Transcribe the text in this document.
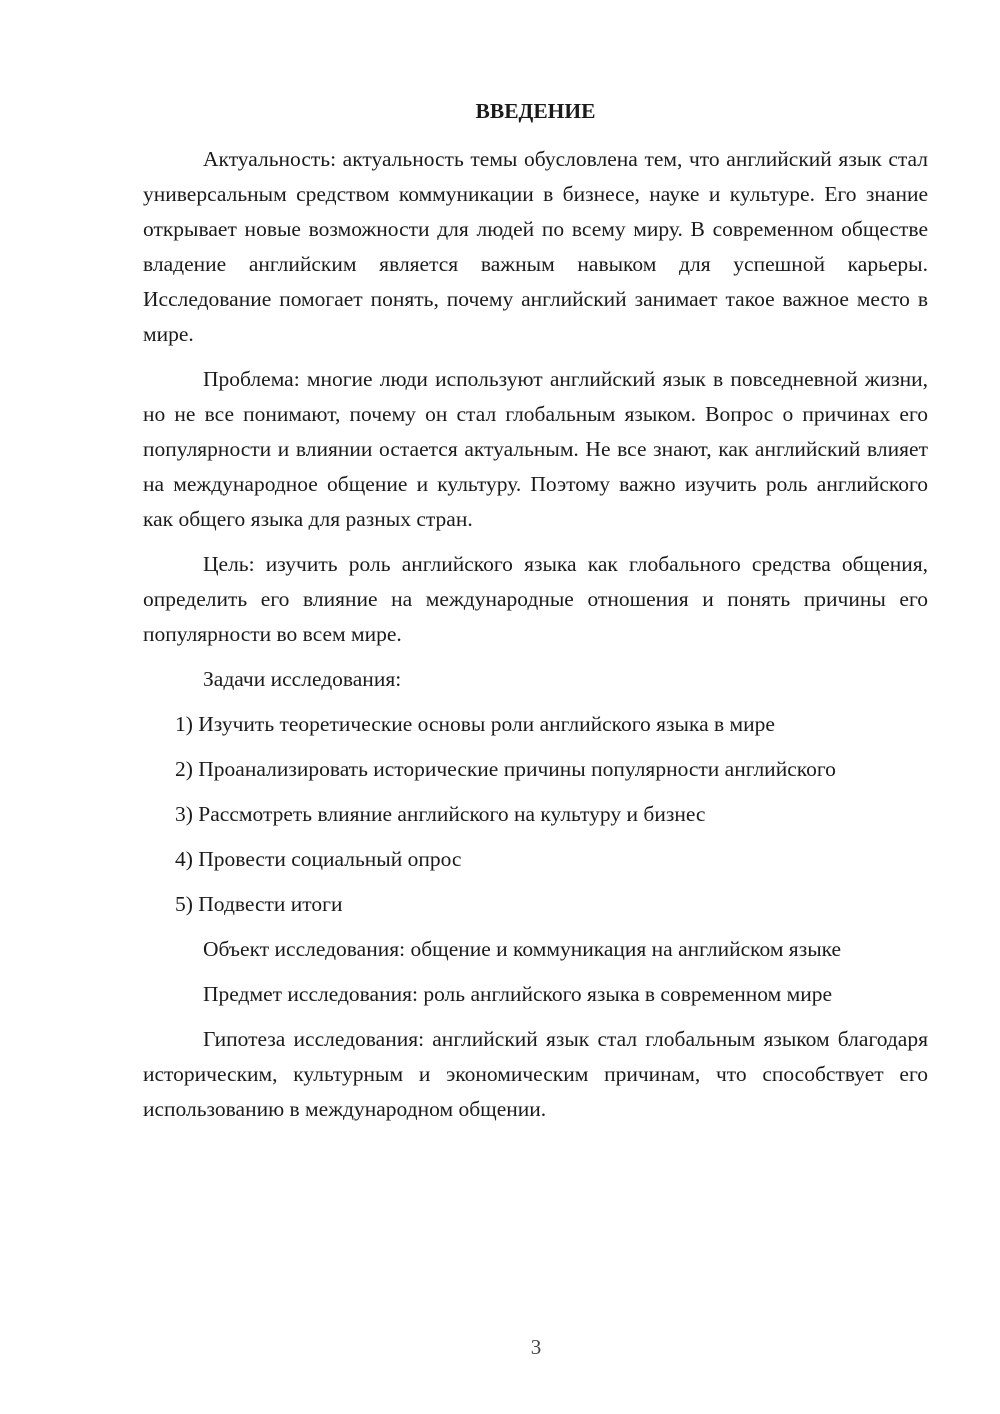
ВВЕДЕНИЕ

Актуальность: актуальность темы обусловлена тем, что английский язык стал универсальным средством коммуникации в бизнесе, науке и культуре. Его знание открывает новые возможности для людей по всему миру. В современном обществе владение английским является важным навыком для успешной карьеры. Исследование помогает понять, почему английский занимает такое важное место в мире.

Проблема: многие люди используют английский язык в повседневной жизни, но не все понимают, почему он стал глобальным языком. Вопрос о причинах его популярности и влиянии остается актуальным. Не все знают, как английский влияет на международное общение и культуру. Поэтому важно изучить роль английского как общего языка для разных стран.

Цель: изучить роль английского языка как глобального средства общения, определить его влияние на международные отношения и понять причины его популярности во всем мире.

Задачи исследования:

1) Изучить теоретические основы роли английского языка в мире

2) Проанализировать исторические причины популярности английского

3) Рассмотреть влияние английского на культуру и бизнес

4) Провести социальный опрос

5) Подвести итоги

Объект исследования: общение и коммуникация на английском языке

Предмет исследования: роль английского языка в современном мире

Гипотеза исследования: английский язык стал глобальным языком благодаря историческим, культурным и экономическим причинам, что способствует его использованию в международном общении.

3
